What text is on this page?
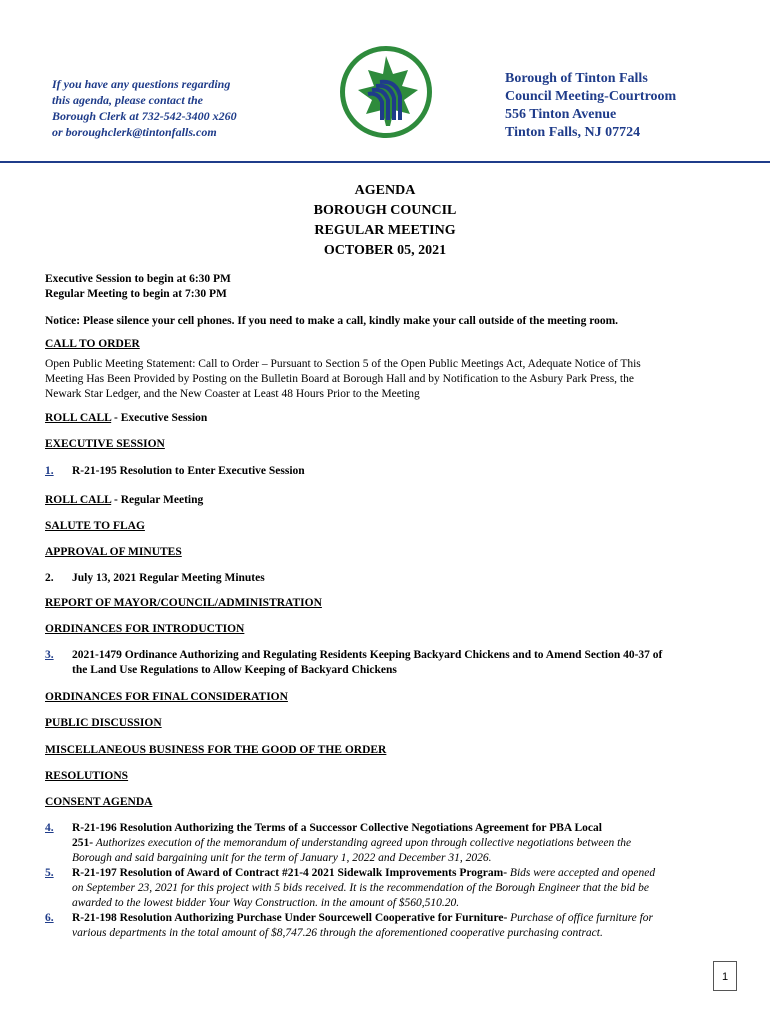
If you have any questions regarding
this agenda, please contact the
Borough Clerk at 732-542-3400 x260
or boroughclerk@tintonfalls.com
Borough of Tinton Falls
Council Meeting-Courtroom
556 Tinton Avenue
Tinton Falls, NJ 07724
AGENDA
BOROUGH COUNCIL
REGULAR MEETING
OCTOBER 05, 2021
Executive Session to begin at 6:30 PM
Regular Meeting to begin at 7:30 PM
Notice: Please silence your cell phones. If you need to make a call, kindly make your call outside of the meeting room.
CALL TO ORDER
Open Public Meeting Statement: Call to Order – Pursuant to Section 5 of the Open Public Meetings Act, Adequate Notice of This
Meeting Has Been Provided by Posting on the Bulletin Board at Borough Hall and by Notification to the Asbury Park Press, the
Newark Star Ledger, and the New Coaster at Least 48 Hours Prior to the Meeting
ROLL CALL - Executive Session
EXECUTIVE SESSION
1. R-21-195 Resolution to Enter Executive Session
ROLL CALL - Regular Meeting
SALUTE TO FLAG
APPROVAL OF MINUTES
2. July 13, 2021 Regular Meeting Minutes
REPORT OF MAYOR/COUNCIL/ADMINISTRATION
ORDINANCES FOR INTRODUCTION
3. 2021-1479 Ordinance Authorizing and Regulating Residents Keeping Backyard Chickens and to Amend Section 40-37 of
the Land Use Regulations to Allow Keeping of Backyard Chickens
ORDINANCES FOR FINAL CONSIDERATION
PUBLIC DISCUSSION
MISCELLANEOUS BUSINESS FOR THE GOOD OF THE ORDER
RESOLUTIONS
CONSENT AGENDA
4. R-21-196 Resolution Authorizing the Terms of a Successor Collective Negotiations Agreement for PBA Local
251- Authorizes execution of the memorandum of understanding agreed upon through collective negotiations between the
Borough and said bargaining unit for the term of January 1, 2022 and December 31, 2026.
5. R-21-197 Resolution of Award of Contract #21-4 2021 Sidewalk Improvements Program- Bids were accepted and opened
on September 23, 2021 for this project with 5 bids received. It is the recommendation of the Borough Engineer that the bid be
awarded to the lowest bidder Your Way Construction. in the amount of $560,510.20.
6. R-21-198 Resolution Authorizing Purchase Under Sourcewell Cooperative for Furniture- Purchase of office furniture for
various departments in the total amount of $8,747.26 through the aforementioned cooperative purchasing contract.
1
